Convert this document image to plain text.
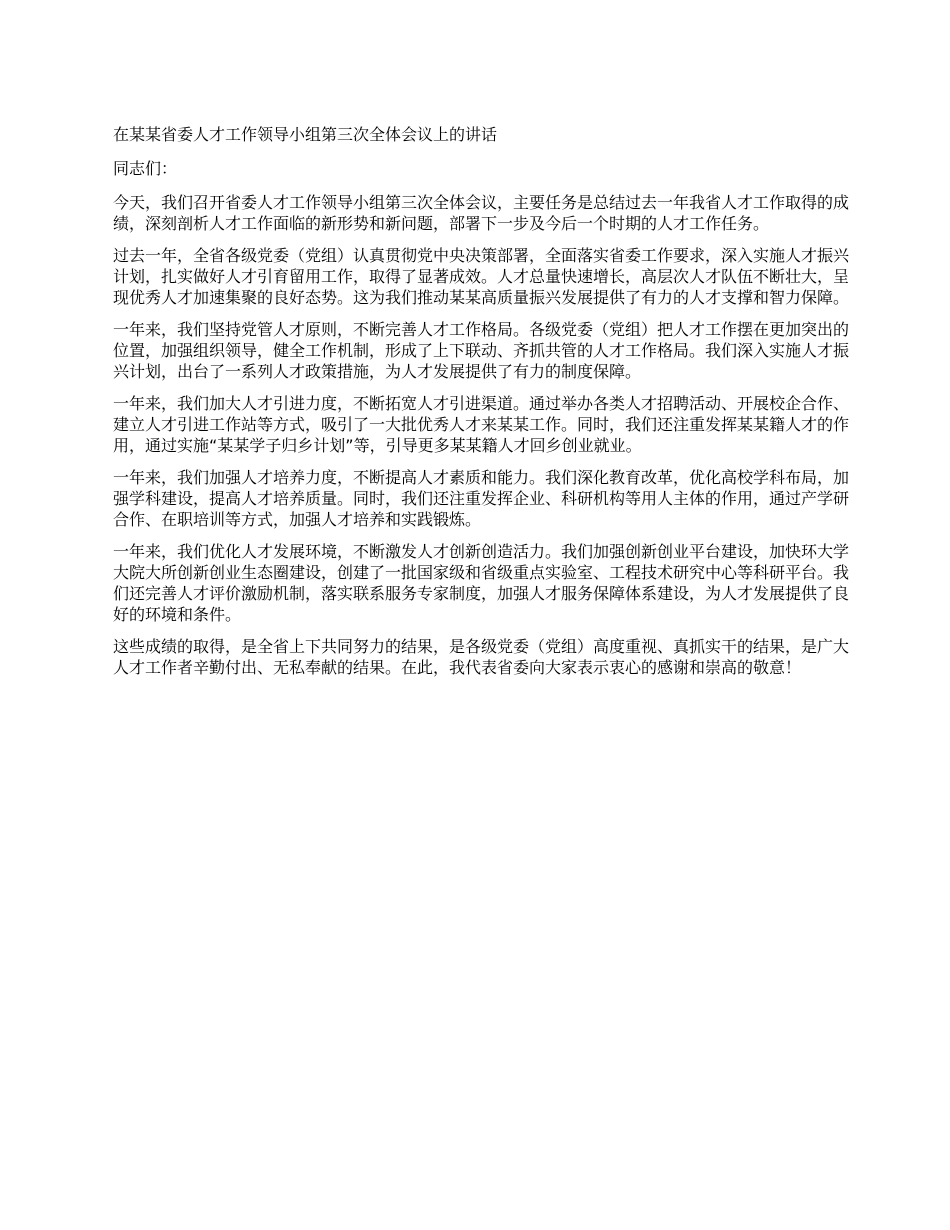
在某某省委人才工作领导小组第三次全体会议上的讲话
同志们：

今天，我们召开省委人才工作领导小组第三次全体会议，主要任务是总结过去一年我省人才工作取得的成绩，深刻剖析人才工作面临的新形势和新问题，部署下一步及今后一个时期的人才工作任务。

过去一年，全省各级党委（党组）认真贯彻党中央决策部署，全面落实省委工作要求，深入实施人才振兴计划，扎实做好人才引育留用工作，取得了显著成效。人才总量快速增长，高层次人才队伍不断壮大，呈现优秀人才加速集聚的良好态势。这为我们推动某某高质量振兴发展提供了有力的人才支撑和智力保障。

一年来，我们坚持党管人才原则，不断完善人才工作格局。各级党委（党组）把人才工作摆在更加突出的位置，加强组织领导，健全工作机制，形成了上下联动、齐抓共管的人才工作格局。我们深入实施人才振兴计划，出台了一系列人才政策措施，为人才发展提供了有力的制度保障。

一年来，我们加大人才引进力度，不断拓宽人才引进渠道。通过举办各类人才招聘活动、开展校企合作、建立人才引进工作站等方式，吸引了一大批优秀人才来某某工作。同时，我们还注重发挥某某籍人才的作用，通过实施“某某学子归乡计划”等，引导更多某某籍人才回乡创业就业。

一年来，我们加强人才培养力度，不断提高人才素质和能力。我们深化教育改革，优化高校学科布局，加强学科建设，提高人才培养质量。同时，我们还注重发挥企业、科研机构等用人主体的作用，通过产学研合作、在职培训等方式，加强人才培养和实践锻炼。

一年来，我们优化人才发展环境，不断激发人才创新创造活力。我们加强创新创业平台建设，加快环大学大院大所创新创业生态圈建设，创建了一批国家级和省级重点实验室、工程技术研究中心等科研平台。我们还完善人才评价激励机制，落实联系服务专家制度，加强人才服务保障体系建设，为人才发展提供了良好的环境和条件。

这些成绩的取得，是全省上下共同努力的结果，是各级党委（党组）高度重视、真抓实干的结果，是广大人才工作者辛勤付出、无私奉献的结果。在此，我代表省委向大家表示衷心的感谢和崇高的敬意！
